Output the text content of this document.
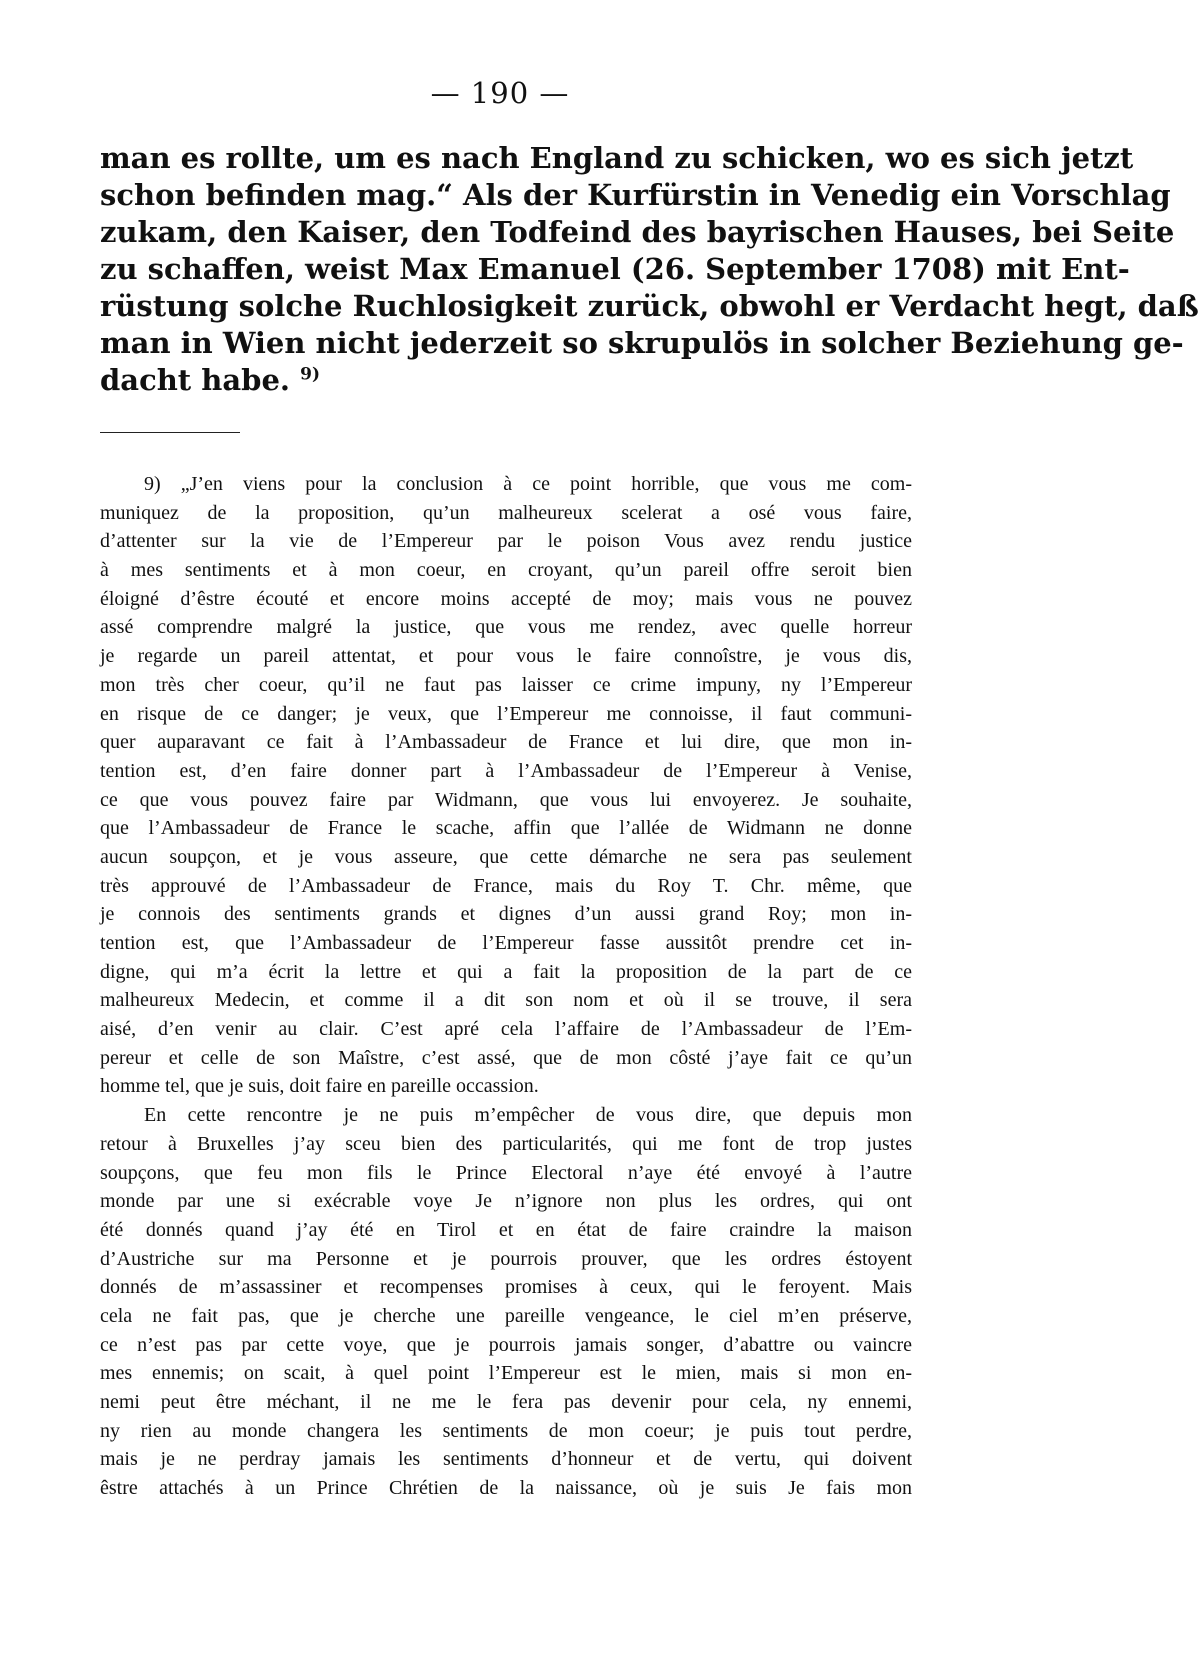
— 190 —
man es rollte, um es nach England zu schicken, wo es sich jetzt
schon befinden mag.“ Als der Kurfürstin in Venedig ein Vorschlag
zukam, den Kaiser, den Todfeind des bayrischen Hauses, bei Seite
zu schaffen, weist Max Emanuel (26. September 1708) mit Ent-
rüstung solche Ruchlosigkeit zurück, obwohl er Verdacht hegt, daß
man in Wien nicht jederzeit so skrupulös in solcher Beziehung ge-
dacht habe. $^{9)}$
9) „J’en viens pour la conclusion à ce point horrible, que vous me com-
muniquez de la proposition, qu’un malheureux scelerat a osé vous faire,
d’attenter sur la vie de l’Empereur par le poison Vous avez rendu justice
à mes sentiments et à mon coeur, en croyant, qu’un pareil offre seroit bien
éloigné d’êstre écouté et encore moins accepté de moy; mais vous ne pouvez
assé comprendre malgré la justice, que vous me rendez, avec quelle horreur
je regarde un pareil attentat, et pour vous le faire connoîstre, je vous dis,
mon très cher coeur, qu’il ne faut pas laisser ce crime impuny, ny l’Empereur
en risque de ce danger; je veux, que l’Empereur me connoisse, il faut communi-
quer auparavant ce fait à l’Ambassadeur de France et lui dire, que mon in-
tention est, d’en faire donner part à l’Ambassadeur de l’Empereur à Venise,
ce que vous pouvez faire par Widmann, que vous lui envoyerez. Je souhaite,
que l’Ambassadeur de France le scache, affin que l’allée de Widmann ne donne
aucun soupçon, et je vous asseure, que cette démarche ne sera pas seulement
très approuvé de l’Ambassadeur de France, mais du Roy T. Chr. même, que
je connois des sentiments grands et dignes d’un aussi grand Roy; mon in-
tention est, que l’Ambassadeur de l’Empereur fasse aussitôt prendre cet in-
digne, qui m’a écrit la lettre et qui a fait la proposition de la part de ce
malheureux Medecin, et comme il a dit son nom et où il se trouve, il sera
aisé, d’en venir au clair. C’est apré cela l’affaire de l’Ambassadeur de l’Em-
pereur et celle de son Maîstre, c’est assé, que de mon côsté j’aye fait ce qu’un
homme tel, que je suis, doit faire en pareille occassion.
En cette rencontre je ne puis m’empêcher de vous dire, que depuis mon
retour à Bruxelles j’ay sceu bien des particularités, qui me font de trop justes
soupçons, que feu mon fils le Prince Electoral n’aye été envoyé à l’autre
monde par une si exécrable voye Je n’ignore non plus les ordres, qui ont
été donnés quand j’ay été en Tirol et en état de faire craindre la maison
d’Austriche sur ma Personne et je pourrois prouver, que les ordres éstoyent
donnés de m’assassiner et recompenses promises à ceux, qui le feroyent. Mais
cela ne fait pas, que je cherche une pareille vengeance, le ciel m’en préserve,
ce n’est pas par cette voye, que je pourrois jamais songer, d’abattre ou vaincre
mes ennemis; on scait, à quel point l’Empereur est le mien, mais si mon en-
nemi peut être méchant, il ne me le fera pas devenir pour cela, ny ennemi,
ny rien au monde changera les sentiments de mon coeur; je puis tout perdre,
mais je ne perdray jamais les sentiments d’honneur et de vertu, qui doivent
êstre attachés à un Prince Chrétien de la naissance, où je suis Je fais mon
